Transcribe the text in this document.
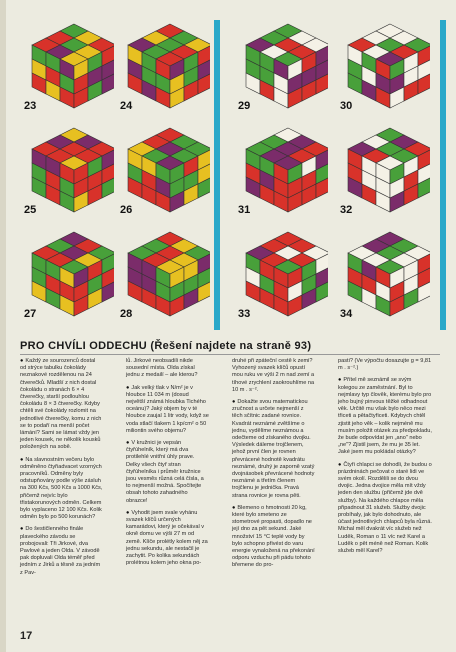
23	24	29	30
25	26	31	32
27	28	33	34
PRO CHVÍLI ODDECHU (Řešení najdete na straně 93)

● Každý ze sourozenců dostal od strýce tabulku čokolády neznakové rozdělenou na 24 čtverečků. Mladší z nich dostal čokoládu o stranách 6 × 4 čtverečky, starší podlouhlou čokoládu 8 × 3 čtverečky. Kdyby chtěli své čokolády rozlomit na jednotlivé čtverečky, komu z nich se to podaří na menší počet lámání? Sami se lámat vždy jen jeden kousek, ne několik kousků položených na sobě.

● Na slavnostním večeru bylo odměněno čtyřiadvacet vzorných pracovníků. Odměny byly odstupňovány podle výše zásluh na 300 Kčs, 500 Kčs a 1000 Kčs, přičemž nejvíc bylo třistakorunových odměn. Celkem bylo vyplaceno 12 100 Kčs. Kolik odměn bylo po 500 korunách?

● Do šestičlenného finále plaveckého závodu se probojovali: Tři Jirkové, dva Pavlové a jeden Olda. V závodě pak dopluvali Olda téměř před jedním z Jirků a těsně za jedním z Pav-

lů. Jirkové neobsadili nikde sousední místa. Olda získal jednu z medailí – ale kterou?

● Jak velký tlak v N/m² je v hloubce 11 034 m (dosud největší známá hloubka Tichého oceánu)? Jaký objem by v té hloubce zaujal 1 litr vody, když se voda stlačí tlakem 1 kp/cm² o 50 miliontin svého objemu?

● V kružnici je vepsán čtyřúhelník, který má dva protilehlé vnitřní úhly prave. Delky všech čtyř stran čtyřúhelníka i průměr kružnice jsou vesměs různá celá čísla, a to nejmenší možná. Spočítejte obsah tohoto zahadného obrazce!

● Vyhodit jsem svale vyhánu svazek klíčů určených kamarádovi, který je očekával v okně domu ve výši 27 m od země. Klíče prolétly kolem něj za jednu sekundu, ale nestačil je zachytit. Po kolika sekundách prolétnou kolem jeho okna po-

druhé při zpáteční cestě k zemi? Vyhozený svazek klíčů opustí mou ruku ve výši 2 m nad zemí a tíhové zrychlení zaokrouhlíme na 10 m . s⁻².

● Dokažte svou matematickou zručnost a určete nejmenší z těch sčítnic zadané rovnice. Kvadrát neznámé zvětšíme o jednu, vydělíme neznámou a odečteme od získaného dvojku. Výsledek dáleme trojčlenem, jehož první člen je rovnen převrácené hodnotě kvadrátu neznámé, druhý je zaporně vzatý dvojnásobek převrácené hodnoty neznámé a třetím členem trojčlenu je jednička. Pravá strana rovnice je rovna pěti.

● Blemeno o hmotnosti 20 kg, které bylo smeteno ze stometrové propasti, dopadlo ne její dno za pět sekund. Jaké množství 15 °C teplé vody by bylo schopno přivést do varu energie vynaložená na překonání odporu vzduchu při pádu tohoto břemene do pro-

pasti? (Ve výpočtu dosazujte g = 9,81 m . s⁻².)

● Přítel mě seznámil se svým kolegou ze zaměstnání. Byl to nejmlavy typ člověk, kterému bylo pro jeho bujný pinvous těžké odhadnout věk. Určitě mu však bylo něco mezi třiceti a pětačtyřiceti. Kdybych chtěl zjistit jeho věk – kolik nejméně mu musím položit otázek za předpokladu, že bude odpovídat jen „ano" nebo „ne"? Zjistil jsem, že mu je 35 let. Jaké jsem mu pokládal otázky?

● Čtyři chlapci se dohodli, že budou o prázdninách pečovat o staré lidi ve svém okolí. Rozdělili se do dvou dvojic. Jedna dvojice měla mít vždy jeden den službu (přičemž jde dvě služby). Na každého chlapce měla připadnout 31 služeb. Služby dvojic probíhaly, jak bylo dohodnuto, ale účast jednotlivých chlapců byla různá. Michal měl dvakrát víc služeb než Luděk, Roman o 11 víc než Karel a Luděk o pět méně než Roman. Kolik služeb měl Karel?

17
